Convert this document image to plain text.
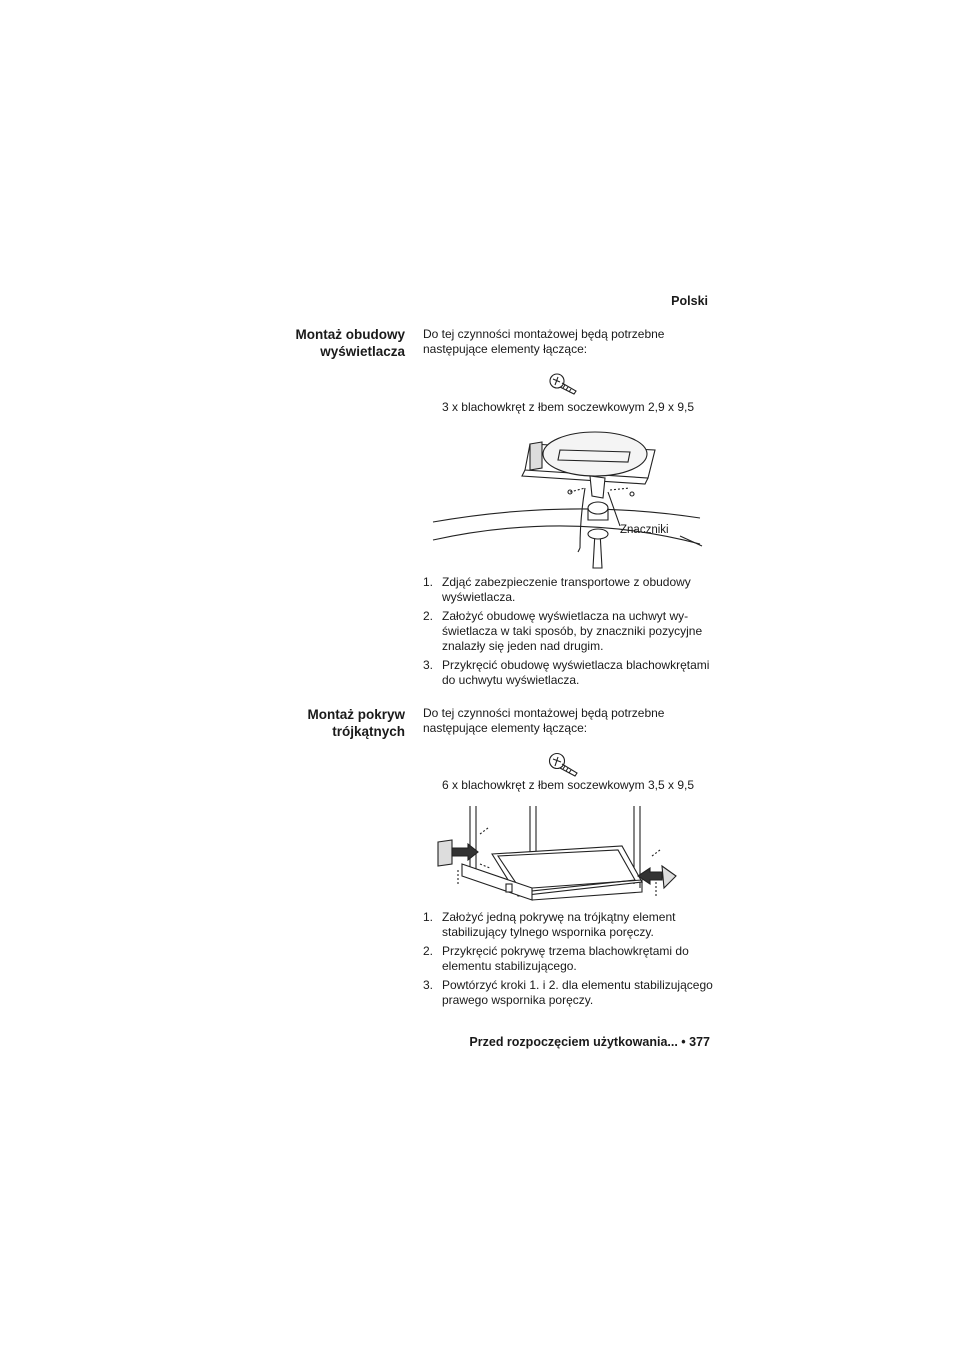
Polski
Montaż obudowy
wyświetlacza
Do tej czynności montażowej będą potrzebne
następujące elementy łączące:
3 x blachowkręt z łbem soczewkowym 2,9 x 9,5
Znaczniki
1. Zdjąć zabezpieczenie transportowe z obudowy
wyświetlacza.
2. Założyć obudowę wyświetlacza na uchwyt wy-
świetlacza w taki sposób, by znaczniki pozycyjne
znalazły się jeden nad drugim.
3. Przykręcić obudowę wyświetlacza blachowkrętami
do uchwytu wyświetlacza.
Montaż pokryw
trójkątnych
Do tej czynności montażowej będą potrzebne
następujące elementy łączące:
6 x blachowkręt z łbem soczewkowym 3,5 x 9,5
1. Założyć jedną pokrywę na trójkątny element
stabilizujący tylnego wspornika poręczy.
2. Przykręcić pokrywę trzema blachowkrętami do
elementu stabilizującego.
3. Powtórzyć kroki 1. i 2. dla elementu stabilizującego
prawego wspornika poręczy.
Przed rozpoczęciem użytkowania... • 377
